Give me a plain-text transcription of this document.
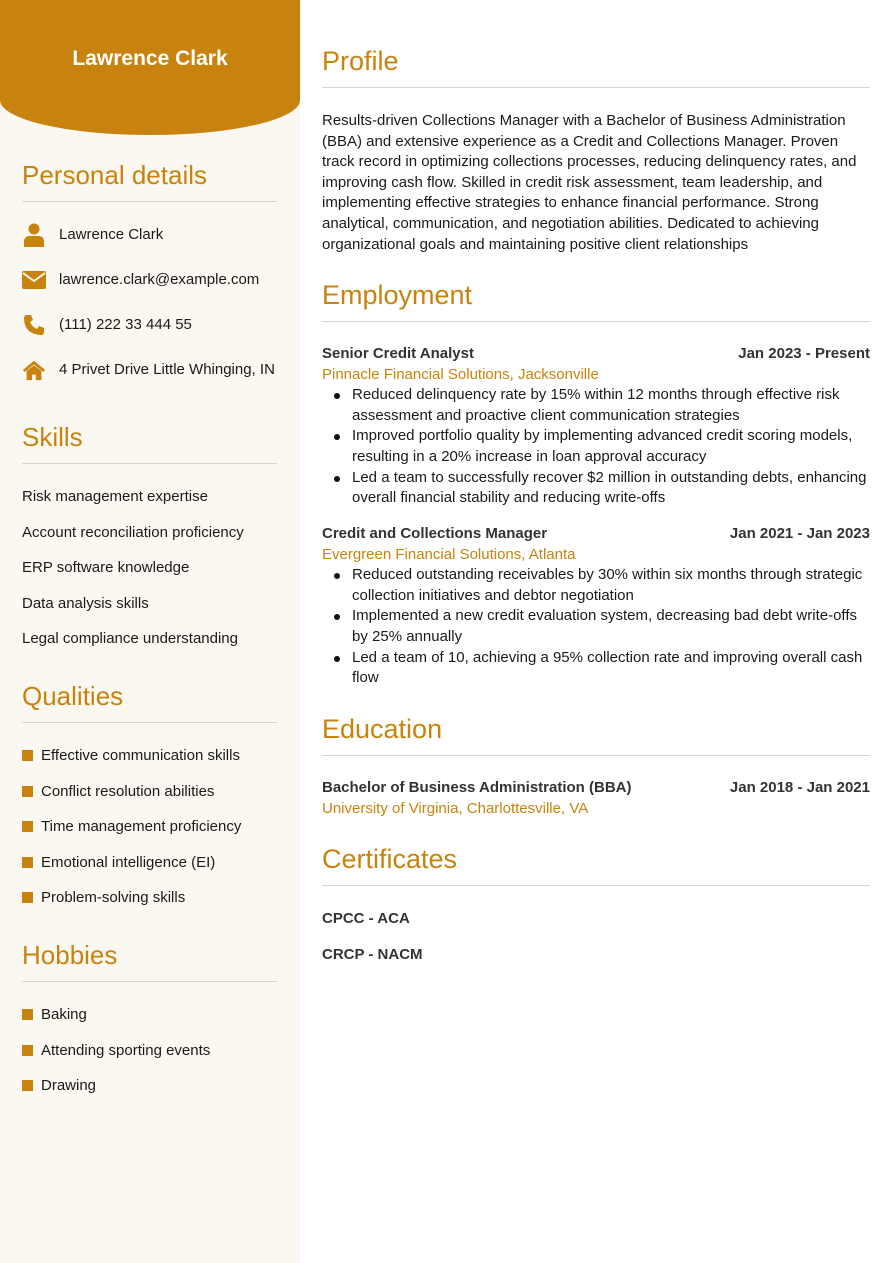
Lawrence Clark
Personal details
Lawrence Clark
lawrence.clark@example.com
(111) 222 33 444 55
4 Privet Drive Little Whinging, IN
Skills
Risk management expertise
Account reconciliation proficiency
ERP software knowledge
Data analysis skills
Legal compliance understanding
Qualities
Effective communication skills
Conflict resolution abilities
Time management proficiency
Emotional intelligence (EI)
Problem-solving skills
Hobbies
Baking
Attending sporting events
Drawing
Profile
Results-driven Collections Manager with a Bachelor of Business Administration (BBA) and extensive experience as a Credit and Collections Manager. Proven track record in optimizing collections processes, reducing delinquency rates, and improving cash flow. Skilled in credit risk assessment, team leadership, and implementing effective strategies to enhance financial performance. Strong analytical, communication, and negotiation abilities. Dedicated to achieving organizational goals and maintaining positive client relationships
Employment
Senior Credit Analyst	Jan 2023 - Present
Pinnacle Financial Solutions, Jacksonville
Reduced delinquency rate by 15% within 12 months through effective risk assessment and proactive client communication strategies
Improved portfolio quality by implementing advanced credit scoring models, resulting in a 20% increase in loan approval accuracy
Led a team to successfully recover $2 million in outstanding debts, enhancing overall financial stability and reducing write-offs
Credit and Collections Manager	Jan 2021 - Jan 2023
Evergreen Financial Solutions, Atlanta
Reduced outstanding receivables by 30% within six months through strategic collection initiatives and debtor negotiation
Implemented a new credit evaluation system, decreasing bad debt write-offs by 25% annually
Led a team of 10, achieving a 95% collection rate and improving overall cash flow
Education
Bachelor of Business Administration (BBA)	Jan 2018 - Jan 2021
University of Virginia, Charlottesville, VA
Certificates
CPCC - ACA
CRCP - NACM
